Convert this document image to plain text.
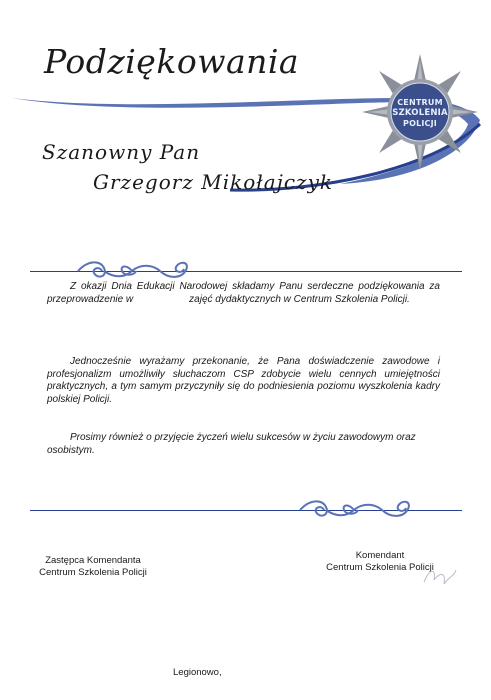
Podziękowania
CENTRUM
SZKOLENIA
POLICJI
Szanowny Pan
Grzegorz Mikołajczyk

Z okazji Dnia Edukacji Narodowej składamy Panu serdeczne podziękowania za przeprowadzenie w	zajęć dydaktycznych w Centrum Szkolenia Policji.

Jednocześnie wyrażamy przekonanie, że Pana doświadczenie zawodowe i profesjonalizm umożliwiły słuchaczom CSP zdobycie wielu cennych umiejętności praktycznych, a tym samym przyczyniły się do podniesienia poziomu wyszkolenia kadry polskiej Policji.

Prosimy również o przyjęcie życzeń wielu sukcesów w życiu zawodowym oraz osobistym.

Zastępca Komendanta
Centrum Szkolenia Policji
Komendant
Centrum Szkolenia Policji
Legionowo,
